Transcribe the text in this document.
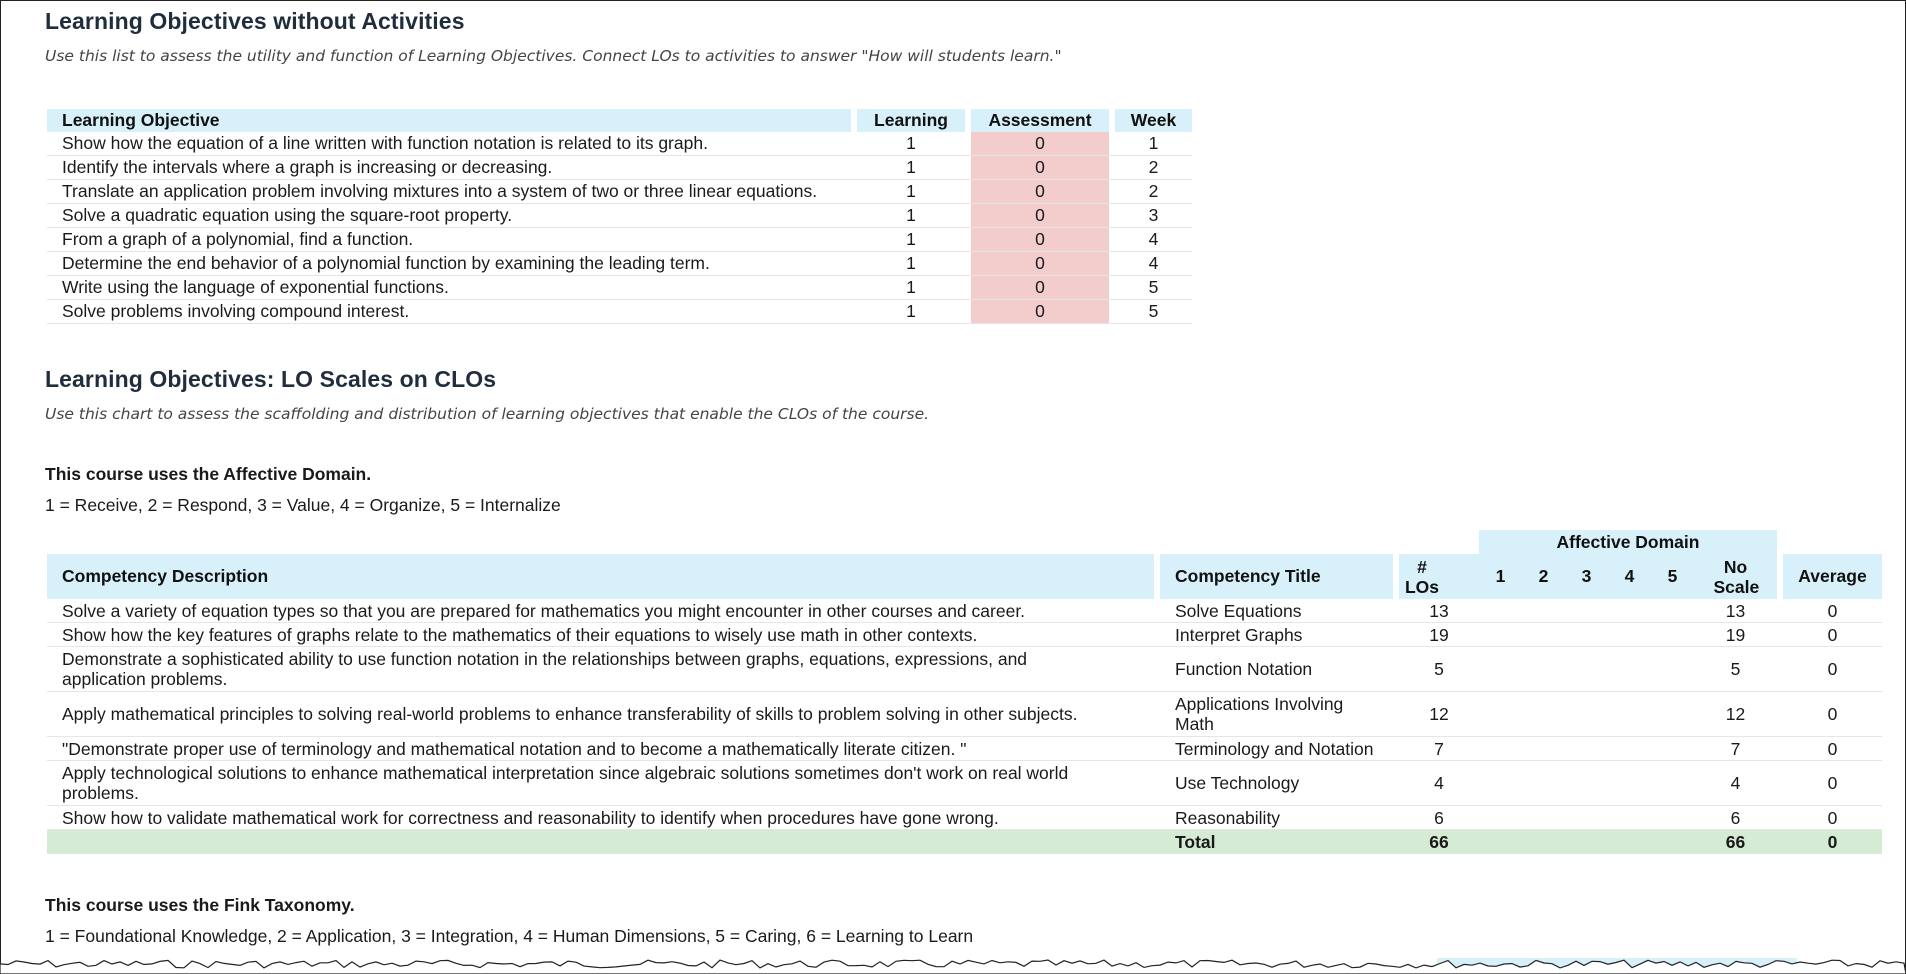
Learning Objectives without Activities

Use this list to assess the utility and function of Learning Objectives. Connect LOs to activities to answer "How will students learn."

Learning Objective		Learning		Assessment		Week
Show how the equation of a line written with function notation is related to its graph.		1		0		1
Identify the intervals where a graph is increasing or decreasing.		1		0		2
Translate an application problem involving mixtures into a system of two or three linear equations.		1		0		2
Solve a quadratic equation using the square-root property.		1		0		3
From a graph of a polynomial, find a function.		1		0		4
Determine the end behavior of a polynomial function by examining the leading term.		1		0		4
Write using the language of exponential functions.		1		0		5
Solve problems involving compound interest.		1		0		5
Learning Objectives: LO Scales on CLOs

Use this chart to assess the scaffolding and distribution of learning objectives that enable the CLOs of the course.

This course uses the Affective Domain.

1 = Receive, 2 = Respond, 3 = Value, 4 = Organize, 5 = Internalize

					Affective Domain							
Competency Description		Competency Title		# LOs	1	2	3	4	5	No Scale		Average
Solve a variety of equation types so that you are prepared for mathematics you might encounter in other courses and career.		Solve Equations		13						13		0
Show how the key features of graphs relate to the mathematics of their equations to wisely use math in other contexts.		Interpret Graphs		19						19		0
Demonstrate a sophisticated ability to use function notation in the relationships between graphs, equations, expressions, and application problems.		Function Notation		5						5		0
Apply mathematical principles to solving real-world problems to enhance transferability of skills to problem solving in other subjects.		Applications Involving Math		12						12		0
"Demonstrate proper use of terminology and mathematical notation and to become a mathematically literate citizen. "		Terminology and Notation		7						7		0
Apply technological solutions to enhance mathematical interpretation since algebraic solutions sometimes don't work on real world problems.		Use Technology		4						4		0
Show how to validate mathematical work for correctness and reasonability to identify when procedures have gone wrong.		Reasonability		6						6		0
		Total		66						66		0

This course uses the Fink Taxonomy.

1 = Foundational Knowledge, 2 = Application, 3 = Integration, 4 = Human Dimensions, 5 = Caring, 6 = Learning to Learn
